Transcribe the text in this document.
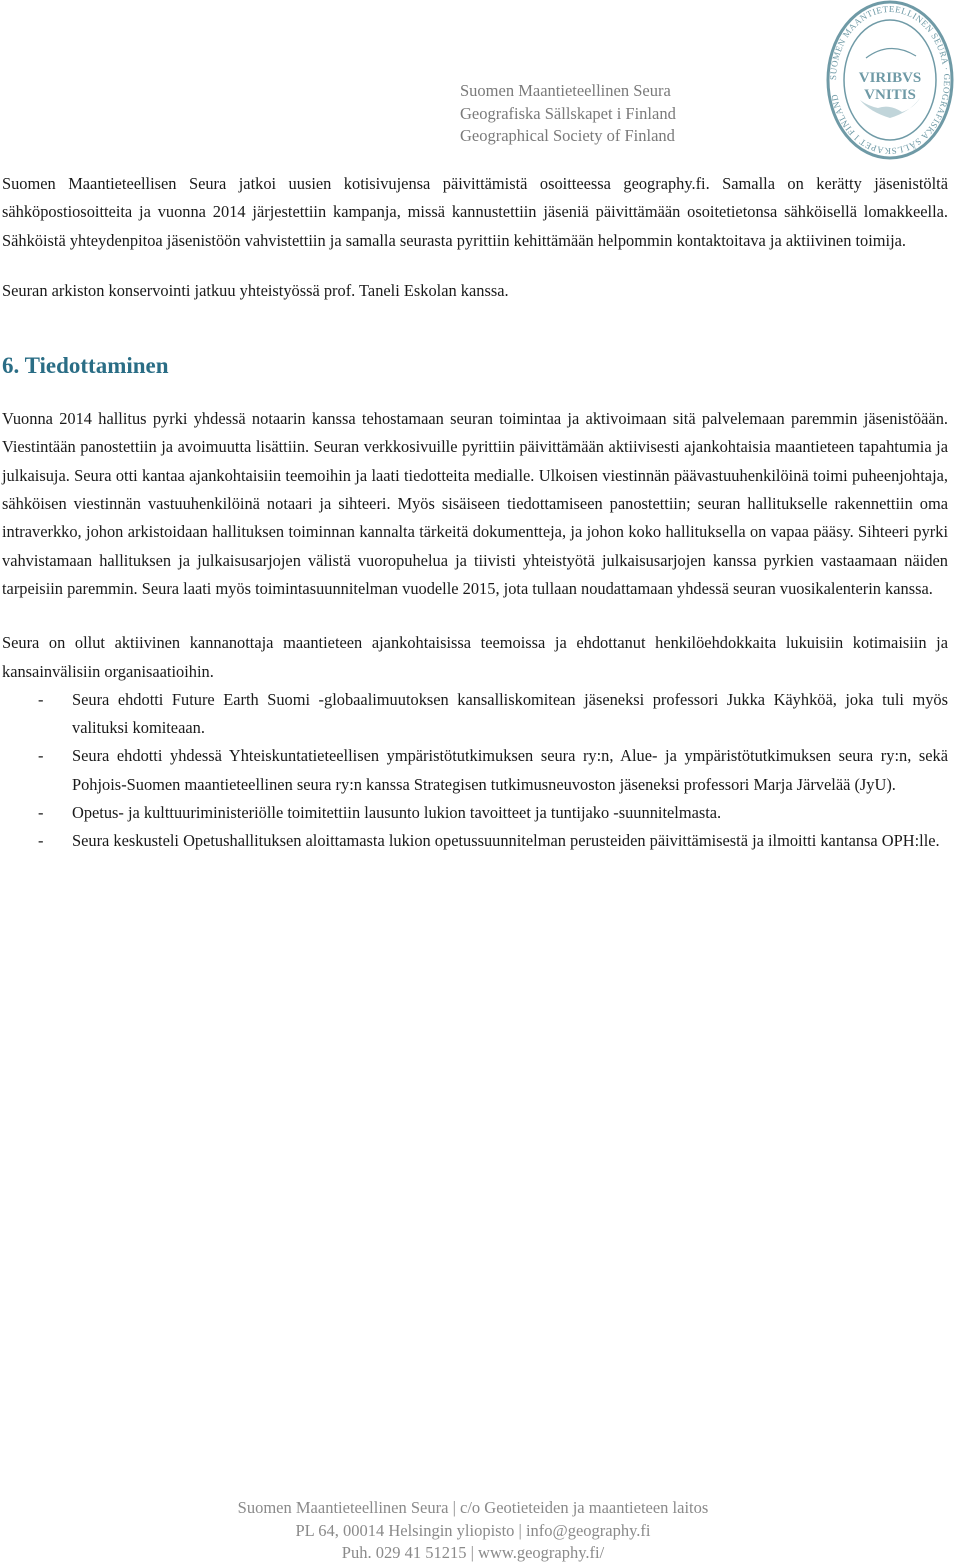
Suomen Maantieteellinen Seura
Geografiska Sällskapet i Finland
Geographical Society of Finland
SUOMEN MAANTIETEELLINEN SEURA · GEOGRAFISKA SÄLLSKAPET I FINLAND
VIRIBVS
VNITIS

Suomen Maantieteellisen Seura jatkoi uusien kotisivujensa päivittämistä osoitteessa geography.fi. Samalla on kerätty jäsenistöltä sähköpostiosoitteita ja vuonna 2014 järjestettiin kampanja, missä kannustettiin jäseniä päivittämään osoitetietonsa sähköisellä lomakkeella. Sähköistä yhteydenpitoa jäsenistöön vahvistettiin ja samalla seurasta pyrittiin kehittämään helpommin kontaktoitava ja aktiivinen toimija.

Seuran arkiston konservointi jatkuu yhteistyössä prof. Taneli Eskolan kanssa.

6. Tiedottaminen

Vuonna 2014 hallitus pyrki yhdessä notaarin kanssa tehostamaan seuran toimintaa ja aktivoimaan sitä palvelemaan paremmin jäsenistöään. Viestintään panostettiin ja avoimuutta lisättiin. Seuran verkkosivuille pyrittiin päivittämään aktiivisesti ajankohtaisia maantieteen tapahtumia ja julkaisuja. Seura otti kantaa ajankohtaisiin teemoihin ja laati tiedotteita medialle. Ulkoisen viestinnän päävastuuhenkilöinä toimi puheenjohtaja, sähköisen viestinnän vastuuhenkilöinä notaari ja sihteeri. Myös sisäiseen tiedottamiseen panostettiin; seuran hallitukselle rakennettiin oma intraverkko, johon arkistoidaan hallituksen toiminnan kannalta tärkeitä dokumentteja, ja johon koko hallituksella on vapaa pääsy. Sihteeri pyrki vahvistamaan hallituksen ja julkaisusarjojen välistä vuoropuhelua ja tiivisti yhteistyötä julkaisusarjojen kanssa pyrkien vastaamaan näiden tarpeisiin paremmin. Seura laati myös toimintasuunnitelman vuodelle 2015, jota tullaan noudattamaan yhdessä seuran vuosikalenterin kanssa.

Seura on ollut aktiivinen kannanottaja maantieteen ajankohtaisissa teemoissa ja ehdottanut henkilöehdokkaita lukuisiin kotimaisiin ja kansainvälisiin organisaatioihin.

- Seura ehdotti Future Earth Suomi -globaalimuutoksen kansalliskomitean jäseneksi professori Jukka Käyhköä, joka tuli myös valituksi komiteaan.
- Seura ehdotti yhdessä Yhteiskuntatieteellisen ympäristötutkimuksen seura ry:n, Alue- ja ympäristötutkimuksen seura ry:n, sekä Pohjois-Suomen maantieteellinen seura ry:n kanssa Strategisen tutkimusneuvoston jäseneksi professori Marja Järvelää (JyU).
- Opetus- ja kulttuuriministeriölle toimitettiin lausunto lukion tavoitteet ja tuntijako -suunnitelmasta.
- Seura keskusteli Opetushallituksen aloittamasta lukion opetussuunnitelman perusteiden päivittämisestä ja ilmoitti kantansa OPH:lle.
Suomen Maantieteellinen Seura | c/o Geotieteiden ja maantieteen laitos
PL 64, 00014 Helsingin yliopisto | info@geography.fi
Puh. 029 41 51215 | www.geography.fi/
